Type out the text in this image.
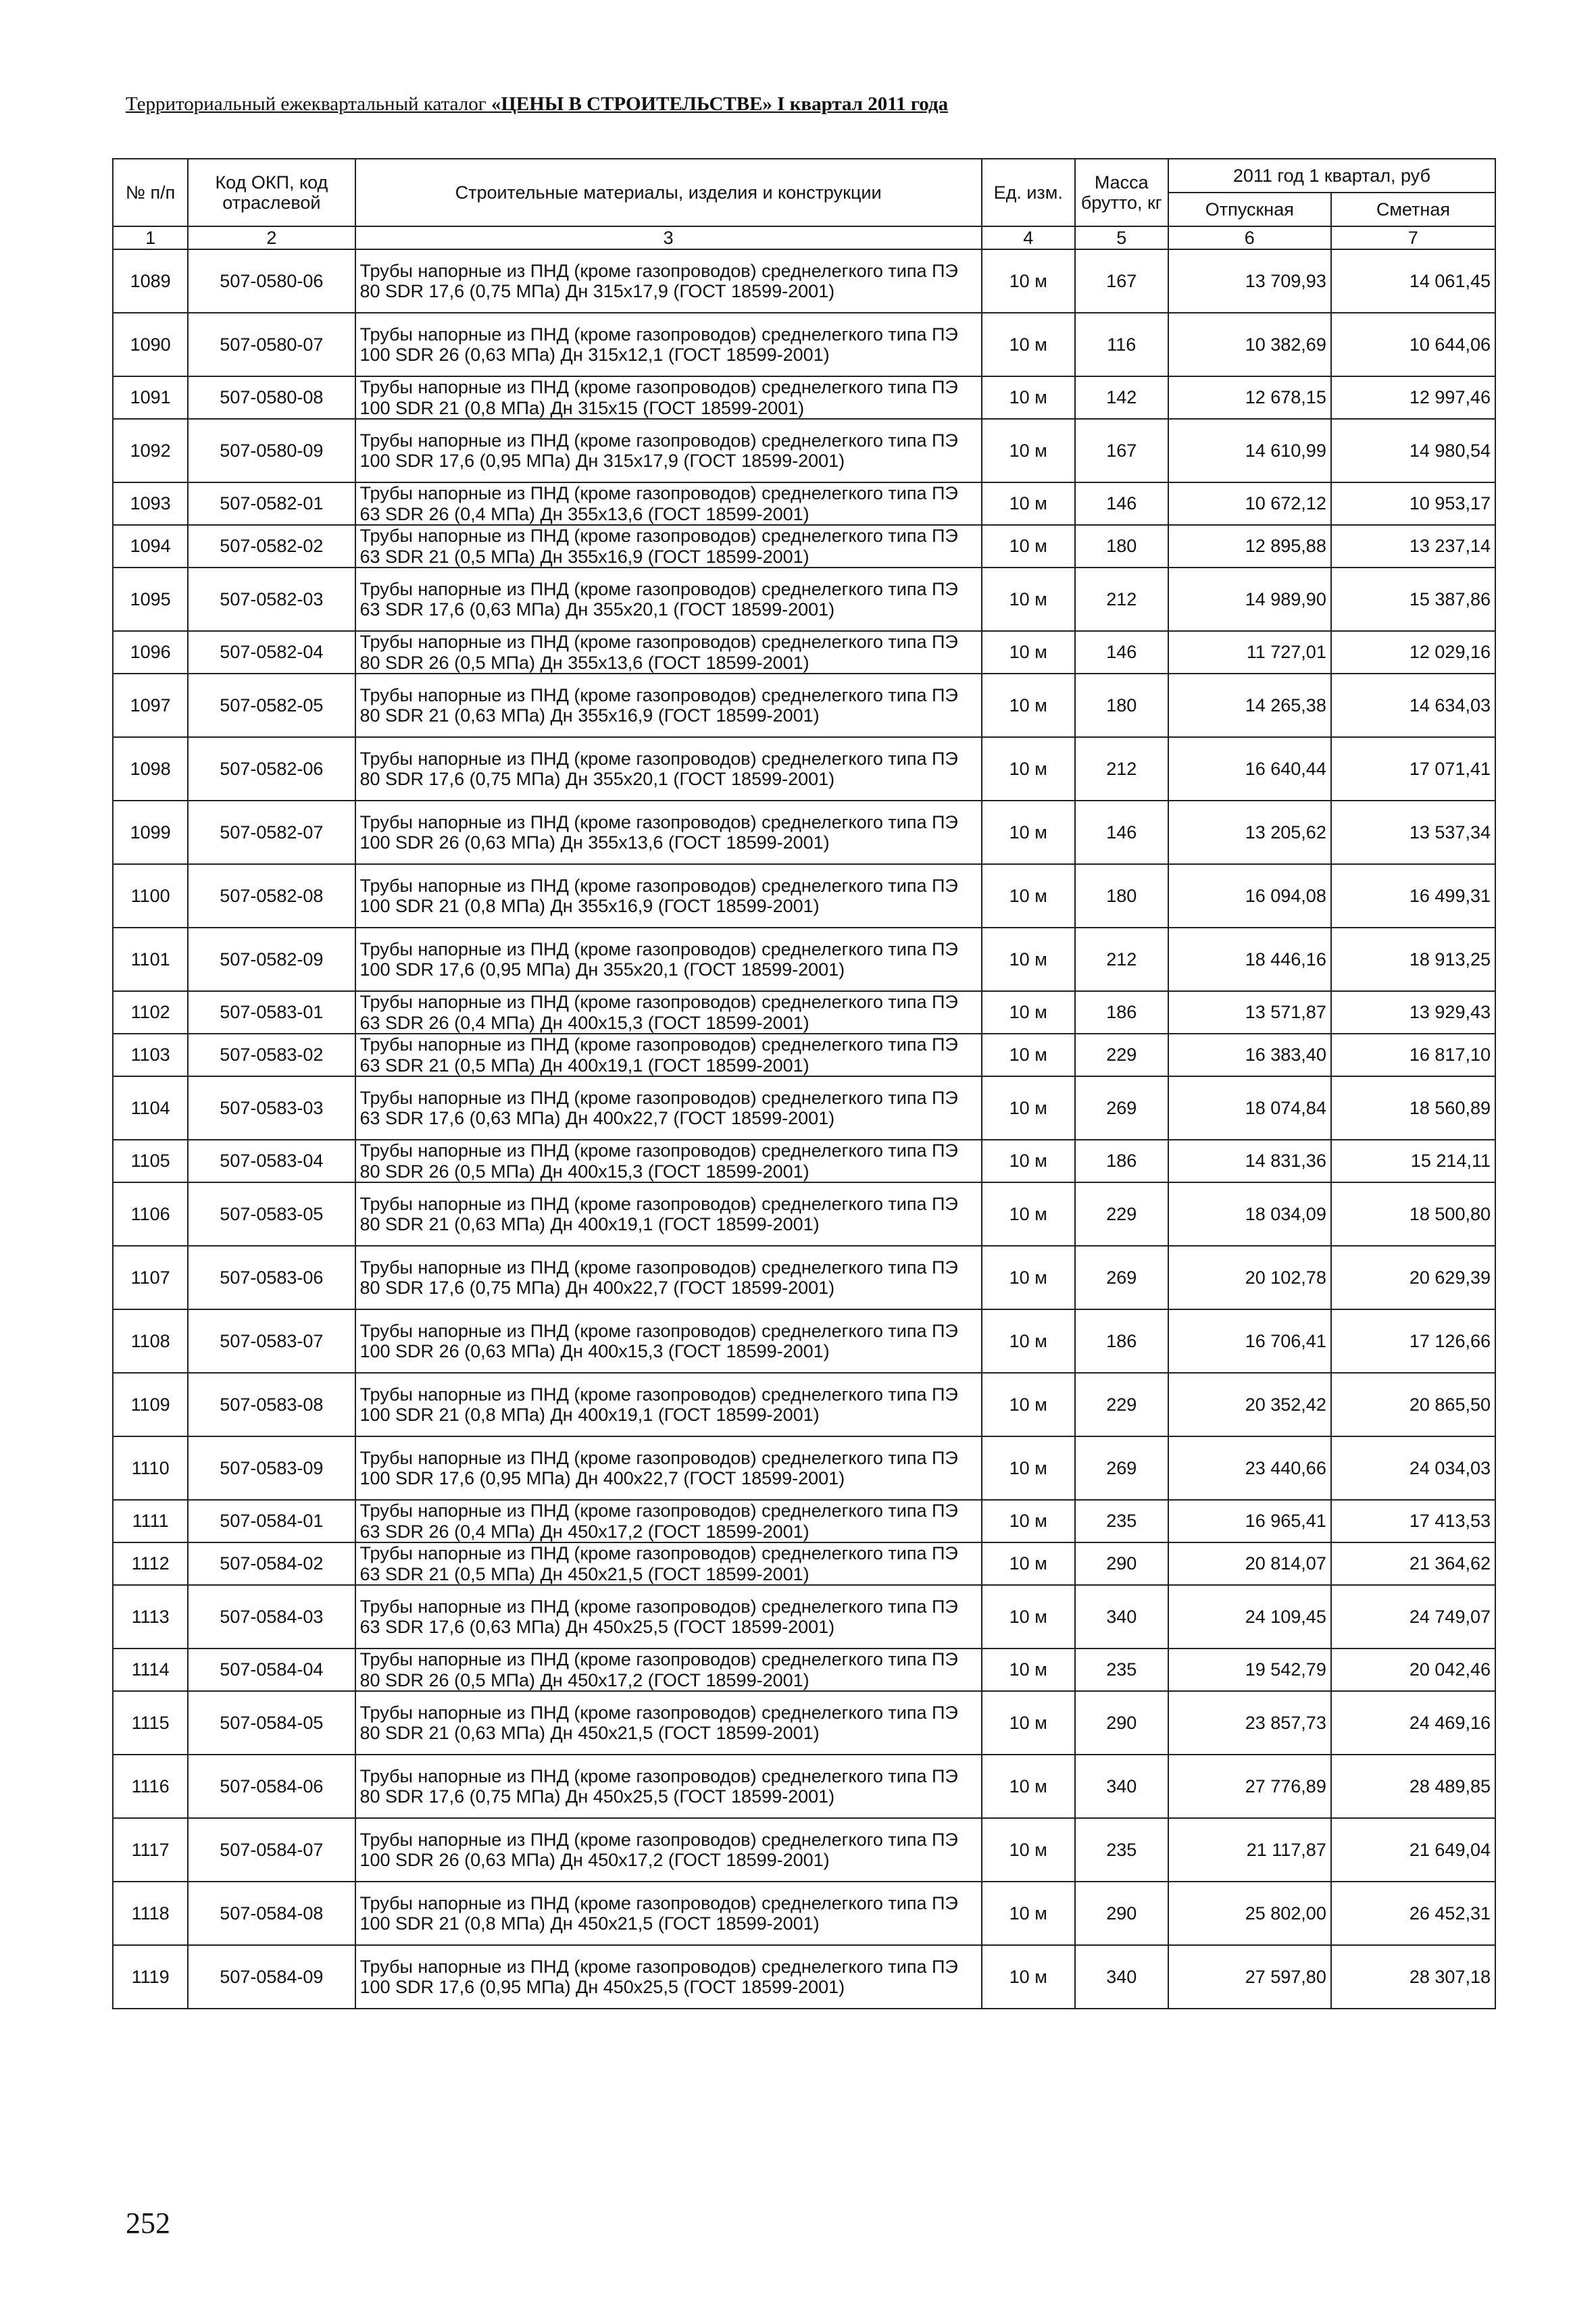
Территориальный ежеквартальный каталог «ЦЕНЫ В СТРОИТЕЛЬСТВЕ» I квартал 2011 года
№ п/п	Код ОКП, код отраслевой	Строительные материалы, изделия и конструкции	Ед. изм.	Масса брутто, кг	2011 год 1 квартал, руб	
					Отпускная	Сметная
1	2	3	4	5	6	7
1089	507-0580-06	Трубы напорные из ПНД (кроме газопроводов) среднелегкого типа ПЭ 80 SDR 17,6 (0,75 МПа) Дн 315x17,9 (ГОСТ 18599-2001)	10 м	167	13 709,93	14 061,45
1090	507-0580-07	Трубы напорные из ПНД (кроме газопроводов) среднелегкого типа ПЭ 100 SDR 26 (0,63 МПа) Дн 315x12,1 (ГОСТ 18599-2001)	10 м	116	10 382,69	10 644,06
1091	507-0580-08	Трубы напорные из ПНД (кроме газопроводов) среднелегкого типа ПЭ 100 SDR 21 (0,8 МПа) Дн 315x15 (ГОСТ 18599-2001)	10 м	142	12 678,15	12 997,46
1092	507-0580-09	Трубы напорные из ПНД (кроме газопроводов) среднелегкого типа ПЭ 100 SDR 17,6 (0,95 МПа) Дн 315x17,9 (ГОСТ 18599-2001)	10 м	167	14 610,99	14 980,54
1093	507-0582-01	Трубы напорные из ПНД (кроме газопроводов) среднелегкого типа ПЭ 63 SDR 26 (0,4 МПа) Дн 355x13,6 (ГОСТ 18599-2001)	10 м	146	10 672,12	10 953,17
1094	507-0582-02	Трубы напорные из ПНД (кроме газопроводов) среднелегкого типа ПЭ 63 SDR 21 (0,5 МПа) Дн 355x16,9 (ГОСТ 18599-2001)	10 м	180	12 895,88	13 237,14
1095	507-0582-03	Трубы напорные из ПНД (кроме газопроводов) среднелегкого типа ПЭ 63 SDR 17,6 (0,63 МПа) Дн 355x20,1 (ГОСТ 18599-2001)	10 м	212	14 989,90	15 387,86
1096	507-0582-04	Трубы напорные из ПНД (кроме газопроводов) среднелегкого типа ПЭ 80 SDR 26 (0,5 МПа) Дн 355x13,6 (ГОСТ 18599-2001)	10 м	146	11 727,01	12 029,16
1097	507-0582-05	Трубы напорные из ПНД (кроме газопроводов) среднелегкого типа ПЭ 80 SDR 21 (0,63 МПа) Дн 355x16,9 (ГОСТ 18599-2001)	10 м	180	14 265,38	14 634,03
1098	507-0582-06	Трубы напорные из ПНД (кроме газопроводов) среднелегкого типа ПЭ 80 SDR 17,6 (0,75 МПа) Дн 355x20,1 (ГОСТ 18599-2001)	10 м	212	16 640,44	17 071,41
1099	507-0582-07	Трубы напорные из ПНД (кроме газопроводов) среднелегкого типа ПЭ 100 SDR 26 (0,63 МПа) Дн 355x13,6 (ГОСТ 18599-2001)	10 м	146	13 205,62	13 537,34
1100	507-0582-08	Трубы напорные из ПНД (кроме газопроводов) среднелегкого типа ПЭ 100 SDR 21 (0,8 МПа) Дн 355x16,9 (ГОСТ 18599-2001)	10 м	180	16 094,08	16 499,31
1101	507-0582-09	Трубы напорные из ПНД (кроме газопроводов) среднелегкого типа ПЭ 100 SDR 17,6 (0,95 МПа) Дн 355x20,1 (ГОСТ 18599-2001)	10 м	212	18 446,16	18 913,25
1102	507-0583-01	Трубы напорные из ПНД (кроме газопроводов) среднелегкого типа ПЭ 63 SDR 26 (0,4 МПа) Дн 400x15,3 (ГОСТ 18599-2001)	10 м	186	13 571,87	13 929,43
1103	507-0583-02	Трубы напорные из ПНД (кроме газопроводов) среднелегкого типа ПЭ 63 SDR 21 (0,5 МПа) Дн 400x19,1 (ГОСТ 18599-2001)	10 м	229	16 383,40	16 817,10
1104	507-0583-03	Трубы напорные из ПНД (кроме газопроводов) среднелегкого типа ПЭ 63 SDR 17,6 (0,63 МПа) Дн 400x22,7 (ГОСТ 18599-2001)	10 м	269	18 074,84	18 560,89
1105	507-0583-04	Трубы напорные из ПНД (кроме газопроводов) среднелегкого типа ПЭ 80 SDR 26 (0,5 МПа) Дн 400x15,3 (ГОСТ 18599-2001)	10 м	186	14 831,36	15 214,11
1106	507-0583-05	Трубы напорные из ПНД (кроме газопроводов) среднелегкого типа ПЭ 80 SDR 21 (0,63 МПа) Дн 400x19,1 (ГОСТ 18599-2001)	10 м	229	18 034,09	18 500,80
1107	507-0583-06	Трубы напорные из ПНД (кроме газопроводов) среднелегкого типа ПЭ 80 SDR 17,6 (0,75 МПа) Дн 400x22,7 (ГОСТ 18599-2001)	10 м	269	20 102,78	20 629,39
1108	507-0583-07	Трубы напорные из ПНД (кроме газопроводов) среднелегкого типа ПЭ 100 SDR 26 (0,63 МПа) Дн 400x15,3 (ГОСТ 18599-2001)	10 м	186	16 706,41	17 126,66
1109	507-0583-08	Трубы напорные из ПНД (кроме газопроводов) среднелегкого типа ПЭ 100 SDR 21 (0,8 МПа) Дн 400x19,1 (ГОСТ 18599-2001)	10 м	229	20 352,42	20 865,50
1110	507-0583-09	Трубы напорные из ПНД (кроме газопроводов) среднелегкого типа ПЭ 100 SDR 17,6 (0,95 МПа) Дн 400x22,7 (ГОСТ 18599-2001)	10 м	269	23 440,66	24 034,03
1111	507-0584-01	Трубы напорные из ПНД (кроме газопроводов) среднелегкого типа ПЭ 63 SDR 26 (0,4 МПа) Дн 450x17,2 (ГОСТ 18599-2001)	10 м	235	16 965,41	17 413,53
1112	507-0584-02	Трубы напорные из ПНД (кроме газопроводов) среднелегкого типа ПЭ 63 SDR 21 (0,5 МПа) Дн 450x21,5 (ГОСТ 18599-2001)	10 м	290	20 814,07	21 364,62
1113	507-0584-03	Трубы напорные из ПНД (кроме газопроводов) среднелегкого типа ПЭ 63 SDR 17,6 (0,63 МПа) Дн 450x25,5 (ГОСТ 18599-2001)	10 м	340	24 109,45	24 749,07
1114	507-0584-04	Трубы напорные из ПНД (кроме газопроводов) среднелегкого типа ПЭ 80 SDR 26 (0,5 МПа) Дн 450x17,2 (ГОСТ 18599-2001)	10 м	235	19 542,79	20 042,46
1115	507-0584-05	Трубы напорные из ПНД (кроме газопроводов) среднелегкого типа ПЭ 80 SDR 21 (0,63 МПа) Дн 450x21,5 (ГОСТ 18599-2001)	10 м	290	23 857,73	24 469,16
1116	507-0584-06	Трубы напорные из ПНД (кроме газопроводов) среднелегкого типа ПЭ 80 SDR 17,6 (0,75 МПа) Дн 450x25,5 (ГОСТ 18599-2001)	10 м	340	27 776,89	28 489,85
1117	507-0584-07	Трубы напорные из ПНД (кроме газопроводов) среднелегкого типа ПЭ 100 SDR 26 (0,63 МПа) Дн 450x17,2 (ГОСТ 18599-2001)	10 м	235	21 117,87	21 649,04
1118	507-0584-08	Трубы напорные из ПНД (кроме газопроводов) среднелегкого типа ПЭ 100 SDR 21 (0,8 МПа) Дн 450x21,5 (ГОСТ 18599-2001)	10 м	290	25 802,00	26 452,31
1119	507-0584-09	Трубы напорные из ПНД (кроме газопроводов) среднелегкого типа ПЭ 100 SDR 17,6 (0,95 МПа) Дн 450x25,5 (ГОСТ 18599-2001)	10 м	340	27 597,80	28 307,18
252
